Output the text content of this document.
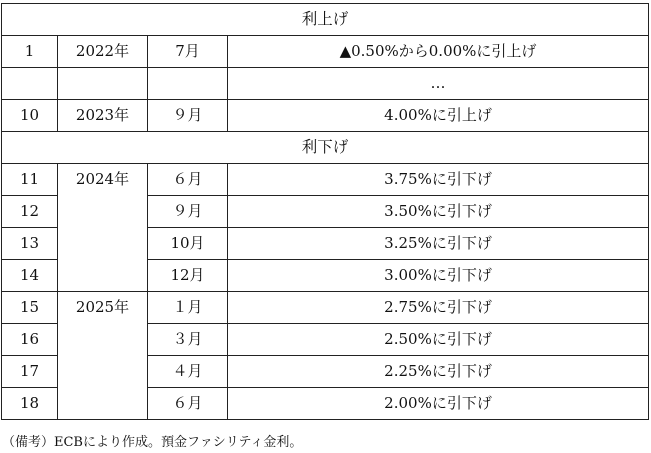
利上げ			
1	2022年	7月	▲0.50%から0.00%に引上げ
			…
10	2023年	９月	4.00%に引上げ
利下げ			
11	2024年	６月	3.75%に引下げ
12		９月	3.50%に引下げ
13		10月	3.25%に引下げ
14		12月	3.00%に引下げ
15	2025年	１月	2.75%に引下げ
16		３月	2.50%に引下げ
17		４月	2.25%に引下げ
18		６月	2.00%に引下げ
（備考）ECBにより作成。預金ファシリティ金利。
